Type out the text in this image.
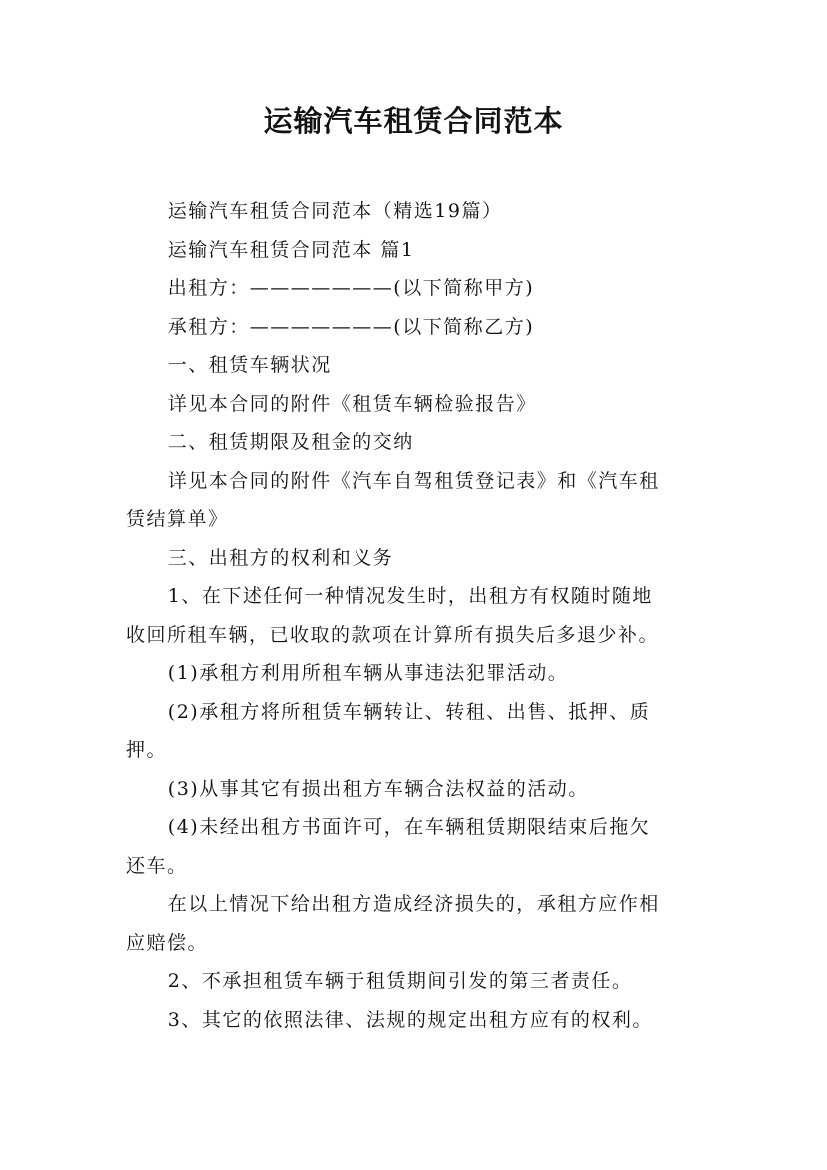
运输汽车租赁合同范本

运输汽车租赁合同范本（精选19篇）

运输汽车租赁合同范本 篇1

出租方：———————(以下简称甲方)

承租方：———————(以下简称乙方)

一、租赁车辆状况

详见本合同的附件《租赁车辆检验报告》

二、租赁期限及租金的交纳

详见本合同的附件《汽车自驾租赁登记表》和《汽车租
赁结算单》

三、出租方的权利和义务

1、在下述任何一种情况发生时，出租方有权随时随地
收回所租车辆，已收取的款项在计算所有损失后多退少补。

(1)承租方利用所租车辆从事违法犯罪活动。

(2)承租方将所租赁车辆转让、转租、出售、抵押、质
押。

(3)从事其它有损出租方车辆合法权益的活动。

(4)未经出租方书面许可，在车辆租赁期限结束后拖欠
还车。

在以上情况下给出租方造成经济损失的，承租方应作相
应赔偿。

2、不承担租赁车辆于租赁期间引发的第三者责任。

3、其它的依照法律、法规的规定出租方应有的权利。
